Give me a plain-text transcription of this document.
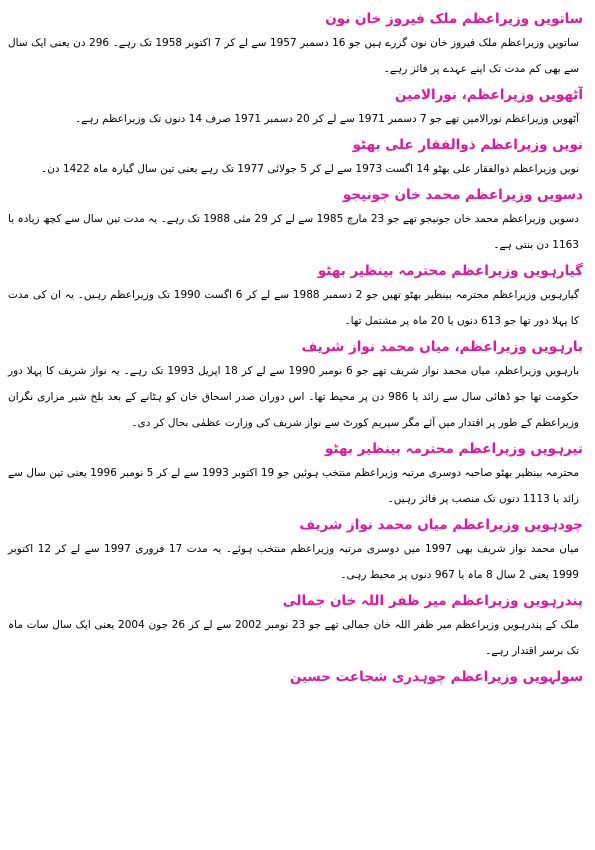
ساتویں وزیراعظم ملک فیروز خان نون

ساتویں وزیراعظم ملک فیروز خان نون گزرے ہیں جو 16 دسمبر 1957 سے لے کر 7 اکتوبر 1958 تک رہے۔ 296 دن یعنی ایک سال سے بھی کم مدت تک اپنے عہدے پر فائز رہے۔

آٹھویں وزیراعظم، نورالامین

آٹھویں وزیراعظم نورالامین تھے جو 7 دسمبر 1971 سے لے کر 20 دسمبر 1971 صرف 14 دنوں تک وزیراعظم رہے۔

نویں وزیراعظم ذوالفقار علی بھٹو

نویں وزیراعظم ذوالفقار علی بھٹو 14 اگست 1973 سے لے کر 5 جولائی 1977 تک رہے یعنی تین سال گیارہ ماہ 1422 دن۔

دسویں وزیراعظم محمد خان جونیجو

دسویں وزیراعظم محمد خان جونیجو تھے جو 23 مارچ 1985 سے لے کر 29 مئی 1988 تک رہے۔ یہ مدت تین سال سے کچھ زیادہ یا 1163 دن بنتی ہے۔

گیارہویں وزیراعظم محترمہ بینظیر بھٹو

گیارہویں وزیراعظم محترمہ بینظیر بھٹو تھیں جو 2 دسمبر 1988 سے لے کر 6 اگست 1990 تک وزیراعظم رہیں۔ یہ ان کی مدت کا پہلا دور تھا جو 613 دنوں یا 20 ماہ پر مشتمل تھا۔

بارہویں وزیراعظم، میاں محمد نواز شریف

بارہویں وزیراعظم، میاں محمد نواز شریف تھے جو 6 نومبر 1990 سے لے کر 18 اپریل 1993 تک رہے۔ یہ نواز شریف کا پہلا دور حکومت تھا جو ڈھائی سال سے زائد یا 986 دن پر محیط تھا۔ اس دوران صدر اسحاق خان کو ہٹانے کے بعد بلخ شیر مزاری نگران وزیراعظم کے طور پر اقتدار میں آئے مگر سپریم کورٹ سے نواز شریف کی وزارت عظمٰی بحال کر دی۔

تیرہویں وزیراعظم محترمہ بینظیر بھٹو

محترمہ بینظیر بھٹو صاحبہ دوسری مرتبہ وزیراعظم منتخب ہوئیں جو 19 اکتوبر 1993 سے لے کر 5 نومبر 1996 یعنی تین سال سے زائد یا 1113 دنوں تک منصب پر فائز رہیں۔

چودہویں وزیراعظم میاں محمد نواز شریف

میاں محمد نواز شریف بھی 1997 میں دوسری مرتبہ وزیراعظم منتخب ہوئے۔ یہ مدت 17 فروری 1997 سے لے کر 12 اکتوبر 1999 یعنی 2 سال 8 ماہ یا 967 دنوں پر محیط رہی۔

پندرہویں وزیراعظم میر ظفر اللہ خان جمالی

ملک کے پندرہویں وزیراعظم میر ظفر اللہ خان جمالی تھے جو 23 نومبر 2002 سے لے کر 26 جون 2004 یعنی ایک سال سات ماہ تک برسر اقتدار رہے۔

سولہویں وزیراعظم چوہدری شجاعت حسین
